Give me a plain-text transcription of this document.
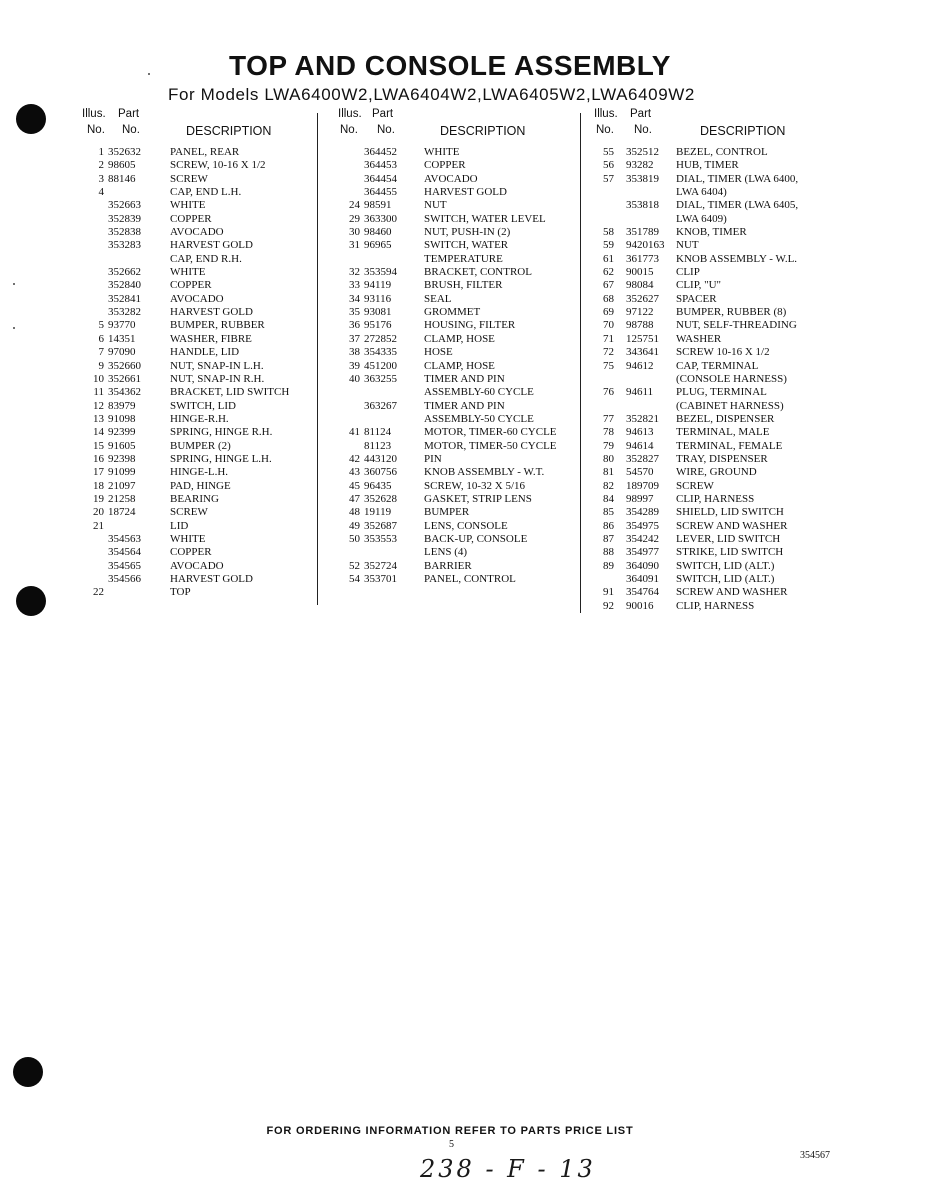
TOP AND CONSOLE ASSEMBLY
For Models LWA6400W2,LWA6404W2,LWA6405W2,LWA6409W2
Illus. Part
No. No.	DESCRIPTION
1 352632	PANEL, REAR
2 98605	SCREW, 10-16 X 1/2
3 88146	SCREW
4	CAP, END L.H.
352663	WHITE
352839	COPPER
352838	AVOCADO
353283	HARVEST GOLD
CAP, END R.H.
352662	WHITE
352840	COPPER
352841	AVOCADO
353282	HARVEST GOLD
5 93770	BUMPER, RUBBER
6 14351	WASHER, FIBRE
7 97090	HANDLE, LID
9 352660	NUT, SNAP-IN L.H.
10 352661	NUT, SNAP-IN R.H.
11 354362	BRACKET, LID SWITCH
12 83979	SWITCH, LID
13 91098	HINGE-R.H.
14 92399	SPRING, HINGE R.H.
15 91605	BUMPER (2)
16 92398	SPRING, HINGE L.H.
17 91099	HINGE-L.H.
18 21097	PAD, HINGE
19 21258	BEARING
20 18724	SCREW
21	LID
354563	WHITE
354564	COPPER
354565	AVOCADO
354566	HARVEST GOLD
22	TOP
Illus. Part
No. No.	DESCRIPTION
364452 WHITE
364453 COPPER
364454 AVOCADO
364455 HARVEST GOLD
24 98591	NUT
29 363300 SWITCH, WATER LEVEL
30 98460	NUT, PUSH-IN (2)
31 96965	SWITCH, WATER
TEMPERATURE
32 353594 BRACKET, CONTROL
33 94119	BRUSH, FILTER
34 93116	SEAL
35 93081	GROMMET
36 95176	HOUSING, FILTER
37 272852 CLAMP, HOSE
38 354335 HOSE
39 451200 CLAMP, HOSE
40 363255 TIMER AND PIN
ASSEMBLY-60 CYCLE
363267 TIMER AND PIN
ASSEMBLY-50 CYCLE
41 81124	MOTOR, TIMER-60 CYCLE
81123	MOTOR, TIMER-50 CYCLE
42 443120 PIN
43 360756 KNOB ASSEMBLY - W.T.
45 96435	SCREW, 10-32 X 5/16
47 352628 GASKET, STRIP LENS
48 19119	BUMPER
49 352687 LENS, CONSOLE
50 353553 BACK-UP, CONSOLE
LENS (4)
52 352724 BARRIER
54 353701 PANEL, CONTROL
Illus. Part
No. No.	DESCRIPTION
55 352512 BEZEL, CONTROL
56 93282 HUB, TIMER
57 353819 DIAL, TIMER (LWA 6400,
LWA 6404)
353818 DIAL, TIMER (LWA 6405,
LWA 6409)
58 351789 KNOB, TIMER
59 9420163 NUT
61 361773 KNOB ASSEMBLY - W.L.
62 90015 CLIP
67 98084 CLIP, "U"
68 352627 SPACER
69 97122 BUMPER, RUBBER (8)
70 98788 NUT, SELF-THREADING
71 125751 WASHER
72 343641 SCREW 10-16 X 1/2
75 94612 CAP, TERMINAL
(CONSOLE HARNESS)
76 94611 PLUG, TERMINAL
(CABINET HARNESS)
77 352821 BEZEL, DISPENSER
78 94613 TERMINAL, MALE
79 94614 TERMINAL, FEMALE
80 352827 TRAY, DISPENSER
81 54570 WIRE, GROUND
82 189709 SCREW
84 98997 CLIP, HARNESS
85 354289 SHIELD, LID SWITCH
86 354975 SCREW AND WASHER
87 354242 LEVER, LID SWITCH
88 354977 STRIKE, LID SWITCH
89 364090 SWITCH, LID (ALT.)
364091 SWITCH, LID (ALT.)
91 354764 SCREW AND WASHER
92 90016 CLIP, HARNESS
FOR ORDERING INFORMATION REFER TO PARTS PRICE LIST
5
238 - F - 13	354567
